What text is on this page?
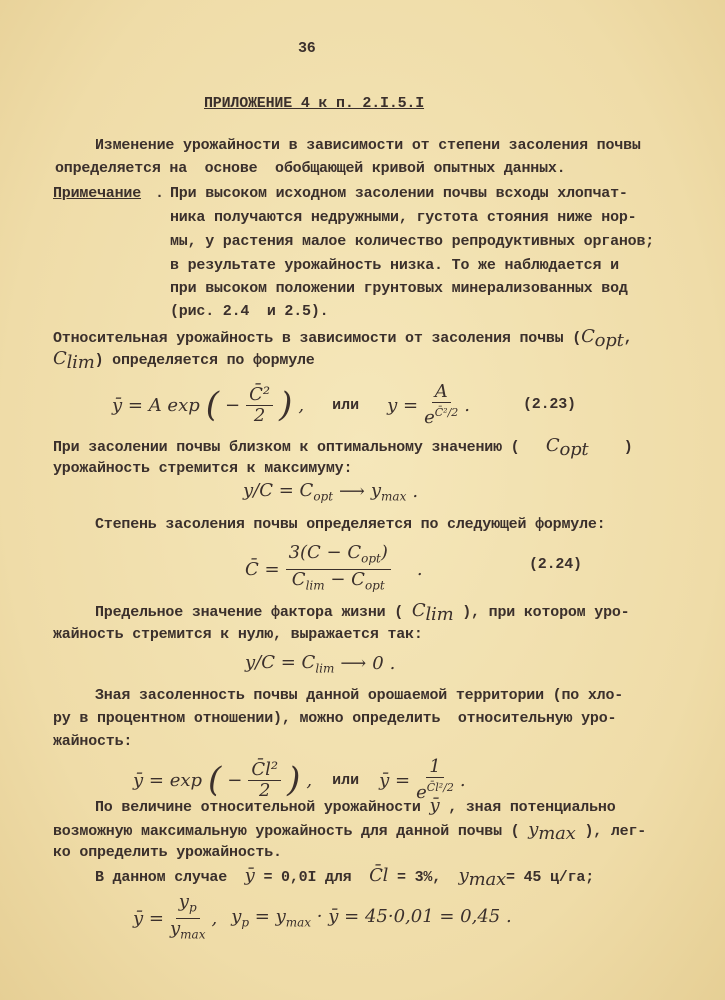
36
ПРИЛОЖЕНИЕ 4 к п. 2.I.5.I
Изменение урожайности в зависимости от степени засоления почвы
определяется на  основе  обобщающей кривой опытных данных.
Примечание .
При высоком исходном засолении почвы всходы хлопчат-
ника получаются недружными, густота стояния ниже нор-
мы, у растения малое количество репродуктивных органов;
в результате урожайность низка. То же наблюдается и
при высоком положении грунтовых минерализованных вод
(рис. 2.4  и 2.5).
Относительная урожайность в зависимости от засоления почвы ($C_{opt}$,
$C_{lim}$) определяется по формуле
ȳ = A exp ( − $\frac{\text{C̄²}}{2}$ ) , или $y = \frac{A}{e^{C̄^2/2}}$ .	(2.23)
При засолении почвы близком к оптимальному значению ( $C_{opt}$ )
урожайность стремится к максимуму:
$y/C = C_{opt}$ ⟶ $y_{max}$ .
Степень засоления почвы определяется по следующей формуле:
C̄ = $\frac{3(C - C_{opt})}{C_{lim} - C_{opt}}$ .	(2.24)
Предельное значение фактора жизни ( $C_{lim}$ ), при котором уро-
жайность стремится к нулю, выражается так:
$y/C = C_{lim}$ ⟶ 0 .
Зная засоленность почвы данной орошаемой территории (по хло-
ру в процентном отношении), можно определить  относительную уро-
жайность:
ȳ = exp ( − $\frac{\text{C̄l²}}{2}$ ) , или ȳ = $\frac{1}{e^{C̄l^2/2}}$ .
По величине относительной урожайности ȳ , зная потенциально
возможную максимальную урожайность для данной почвы ( $y_{max}$ ), лег-
ко определить урожайность.
В данном случае ȳ = 0,0I для C̄l = 3%, $y_{max}= 45$ ц/га;
ȳ = $\frac{y_p}{y_{max}}$ , $y_p = y_{max}$ · ȳ = 45·0,01 = 0,45 .
